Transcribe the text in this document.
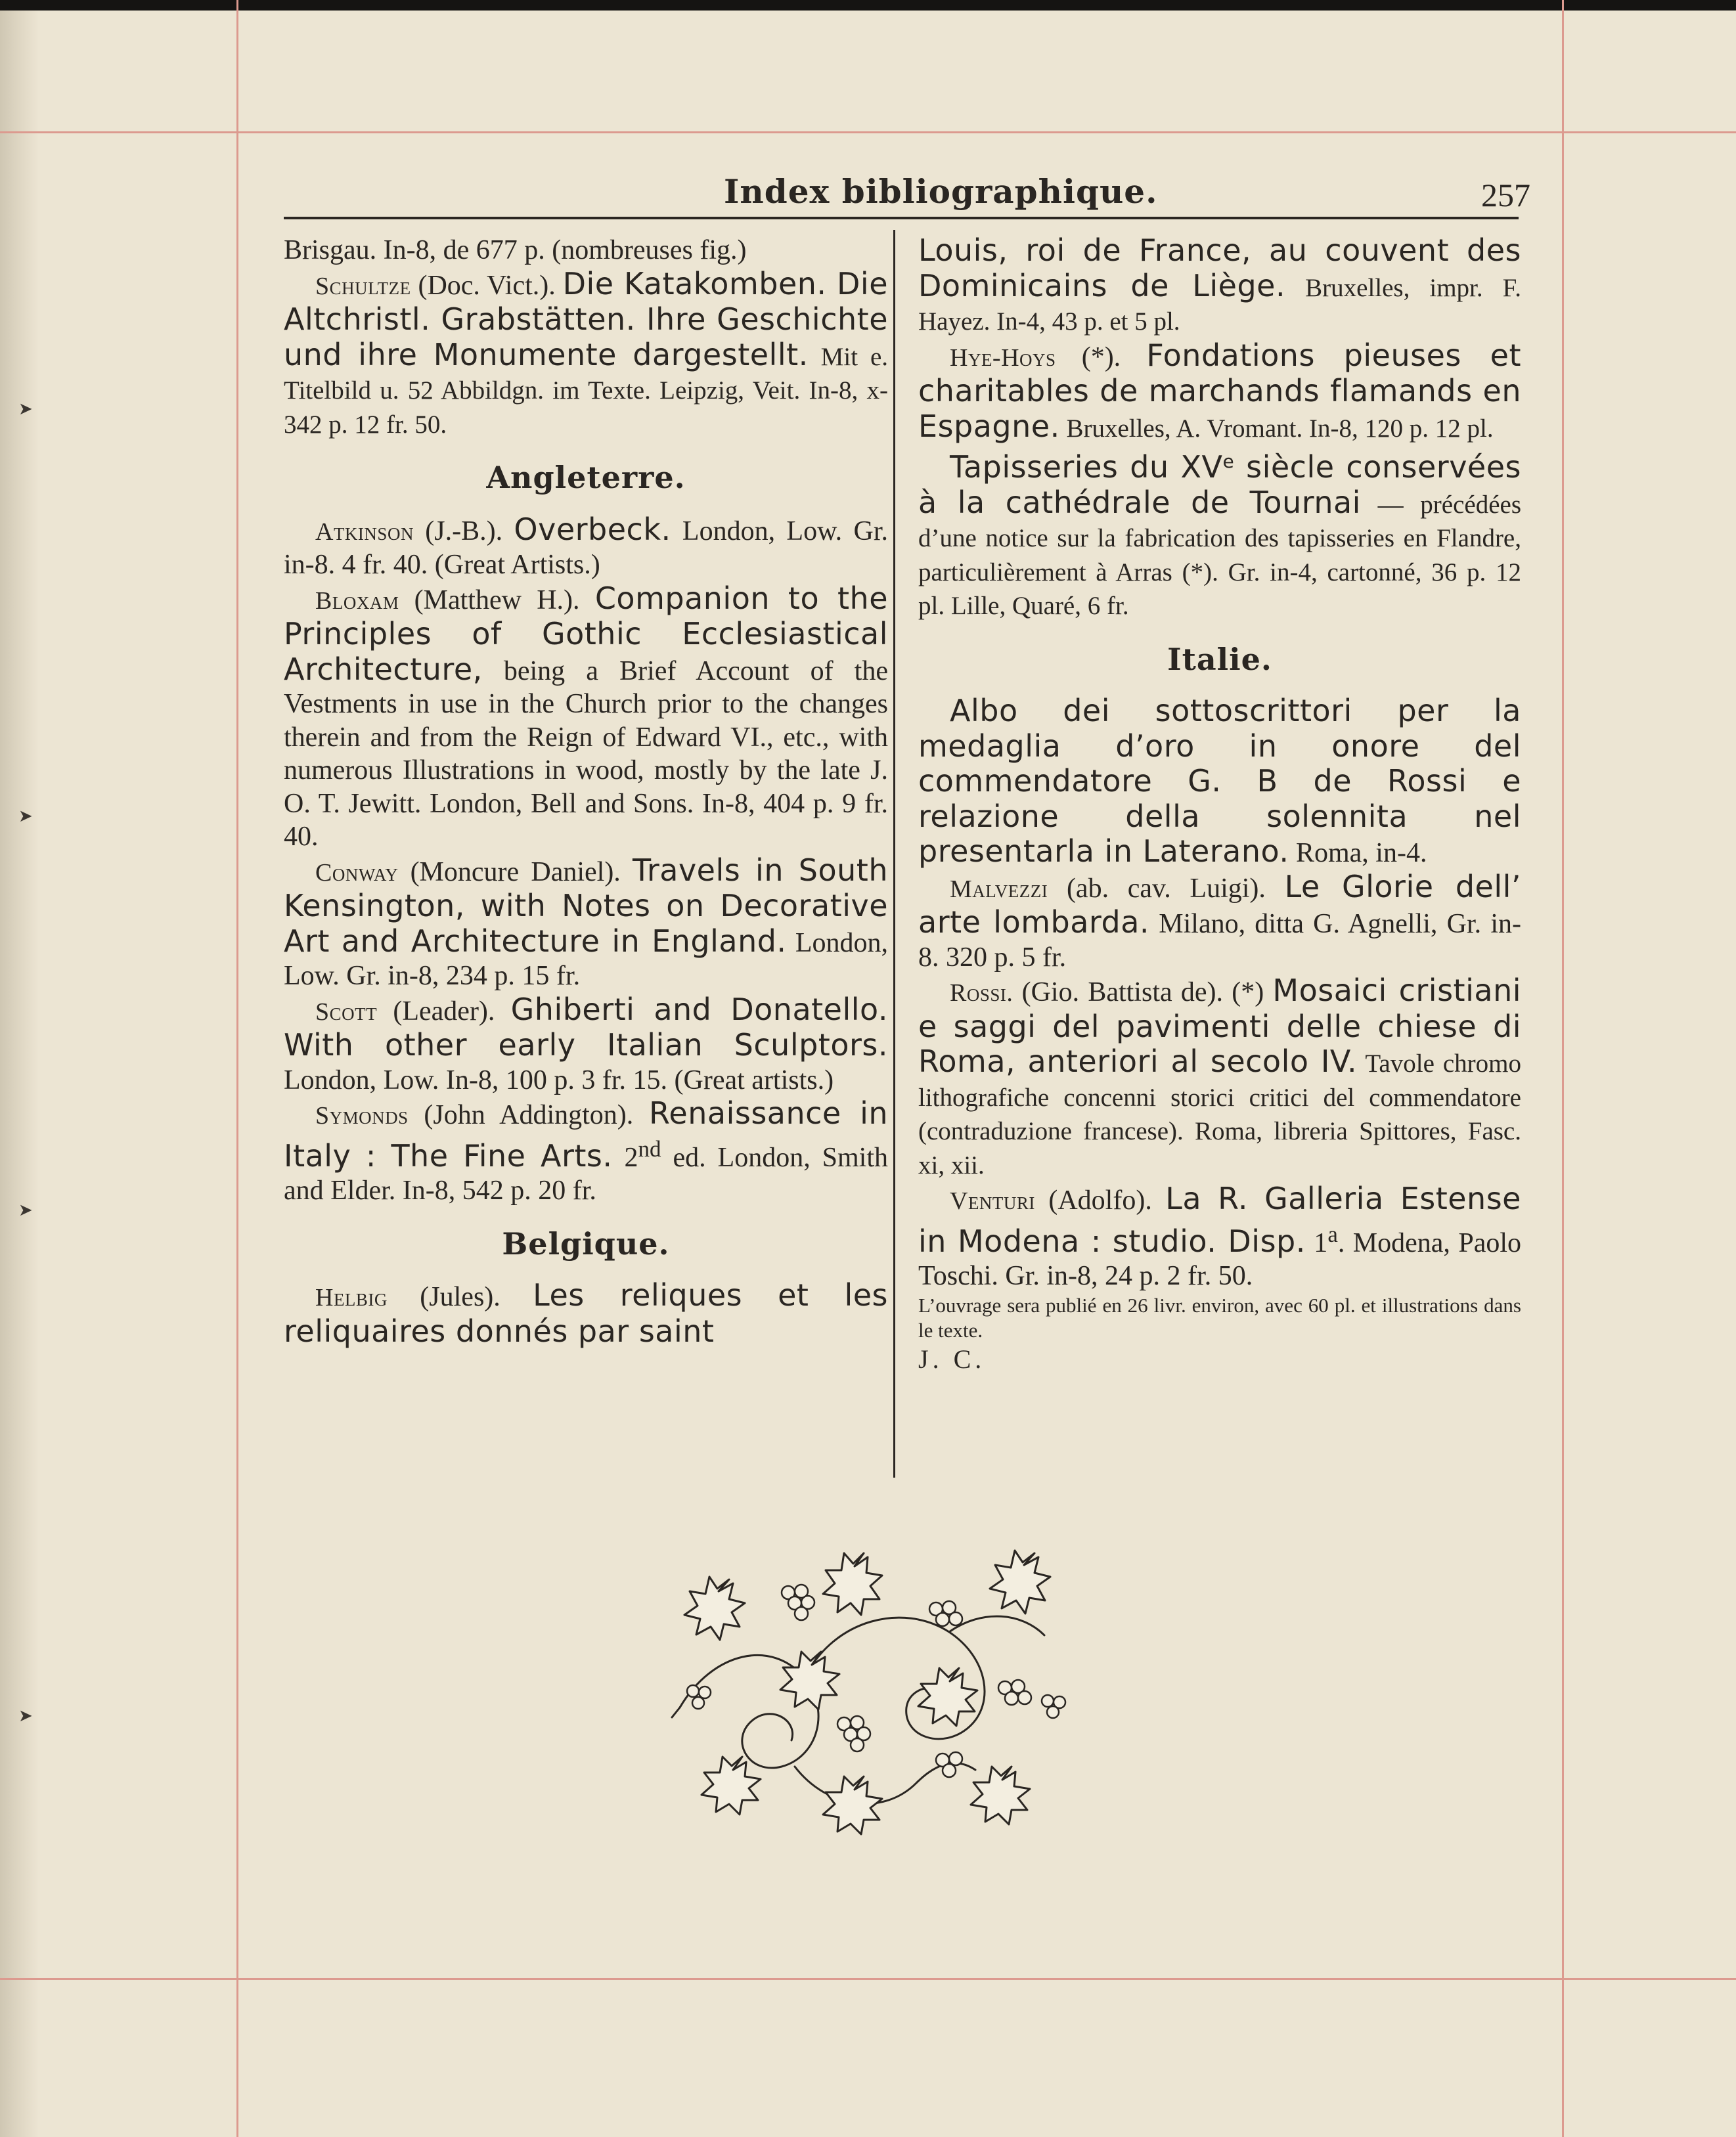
➤
➤
➤
➤
Index bibliographique.	257

Brisgau. In-8, de 677 p. (nombreuses fig.)

Schultze (Doc. Vict.). Die Katakomben. Die Altchristl. Grabstätten. Ihre Geschichte und ihre Monumente dargestellt. Mit e. Titelbild u. 52 Abbildgn. im Texte. Leipzig, Veit. In-8, x-342 p. 12 fr. 50.

Angleterre.

Atkinson (J.-B.). Overbeck. London, Low. Gr. in-8. 4 fr. 40. (Great Artists.)

Bloxam (Matthew H.). Companion to the Principles of Gothic Ecclesiastical Architecture, being a Brief Account of the Vestments in use in the Church prior to the changes therein and from the Reign of Edward VI., etc., with numerous Illustrations in wood, mostly by the late J. O. T. Jewitt. London, Bell and Sons. In-8, 404 p. 9 fr. 40.

Conway (Moncure Daniel). Travels in South Kensington, with Notes on Decorative Art and Architecture in England. London, Low. Gr. in-8, 234 p. 15 fr.

Scott (Leader). Ghiberti and Donatello. With other early Italian Sculptors. London, Low. In-8, 100 p. 3 fr. 15. (Great artists.)

Symonds (John Addington). Renaissance in Italy : The Fine Arts. 2nd ed. London, Smith and Elder. In-8, 542 p. 20 fr.

Belgique.

Helbig (Jules). Les reliques et les reliquaires donnés par saint

Louis, roi de France, au couvent des Dominicains de Liège. Bruxelles, impr. F. Hayez. In-4, 43 p. et 5 pl.

Hye-Hoys (*). Fondations pieuses et charitables de marchands flamands en Espagne. Bruxelles, A. Vromant. In-8, 120 p. 12 pl.

Tapisseries du XVe siècle conservées à la cathédrale de Tournai — précédées d’une notice sur la fabrication des tapisseries en Flandre, particulièrement à Arras (*). Gr. in-4, cartonné, 36 p. 12 pl. Lille, Quaré, 6 fr.

Italie.

Albo dei sottoscrittori per la medaglia d’oro in onore del commendatore G. B de Rossi e relazione della solennita nel presentarla in Laterano. Roma, in-4.

Malvezzi (ab. cav. Luigi). Le Glorie dell’ arte lombarda. Milano, ditta G. Agnelli, Gr. in-8. 320 p. 5 fr.

Rossi. (Gio. Battista de). (*) Mosaici cristiani e saggi del pavimenti delle chiese di Roma, anteriori al secolo IV. Tavole chromo lithografiche concenni storici critici del commendatore (contraduzione francese). Roma, libreria Spittores, Fasc. xi, xii.

Venturi (Adolfo). La R. Galleria Estense in Modena : studio. Disp. 1$^a$. Modena, Paolo Toschi. Gr. in-8, 24 p. 2 fr. 50.

L’ouvrage sera publié en 26 livr. environ, avec 60 pl. et illustrations dans le texte.

J. C.
